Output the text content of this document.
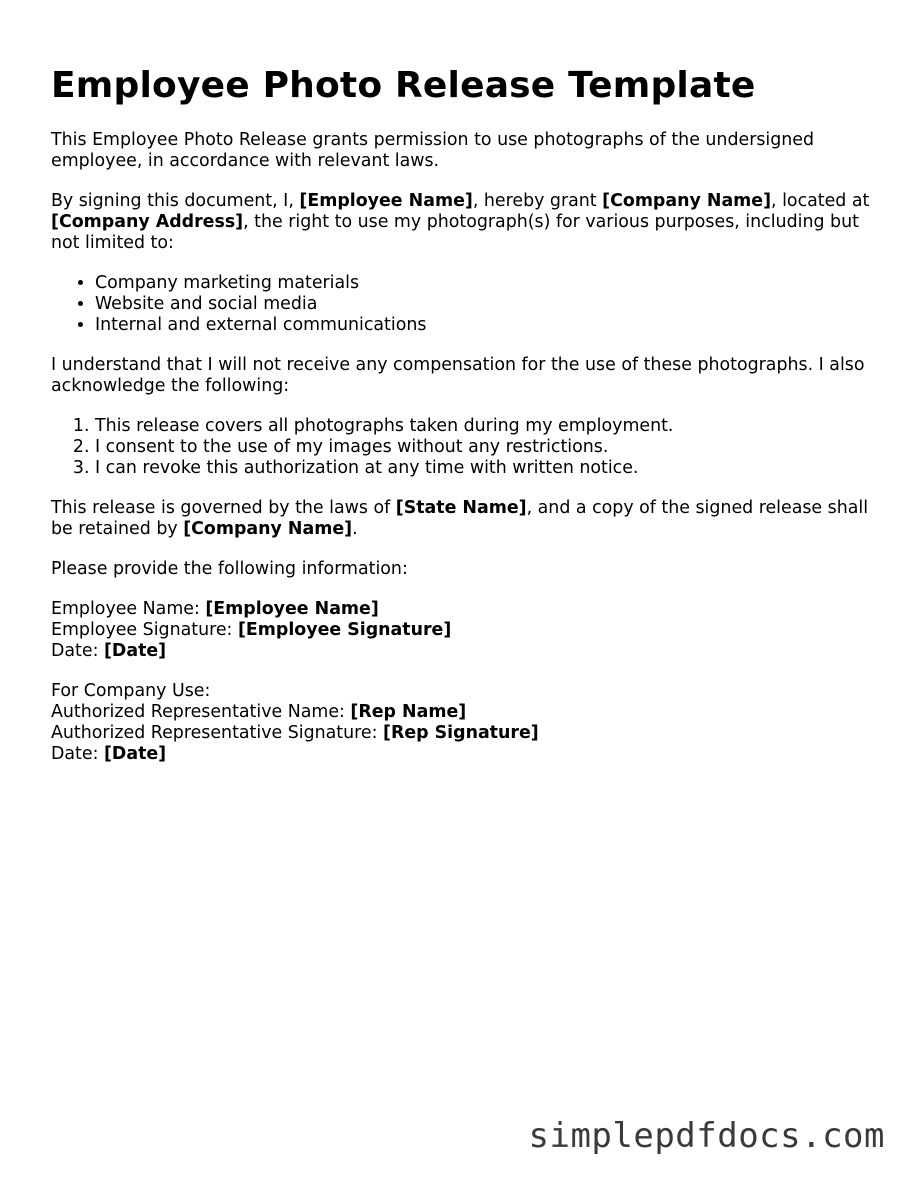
Employee Photo Release Template

This Employee Photo Release grants permission to use photographs of the undersigned employee, in accordance with relevant laws.

By signing this document, I, [Employee Name], hereby grant [Company Name], located at [Company Address], the right to use my photograph(s) for various purposes, including but not limited to:

• Company marketing materials
• Website and social media
• Internal and external communications

I understand that I will not receive any compensation for the use of these photographs. I also acknowledge the following:

1. This release covers all photographs taken during my employment.
2. I consent to the use of my images without any restrictions.
3. I can revoke this authorization at any time with written notice.

This release is governed by the laws of [State Name], and a copy of the signed release shall be retained by [Company Name].

Please provide the following information:

Employee Name: [Employee Name]
Employee Signature: [Employee Signature]
Date: [Date]
For Company Use:
Authorized Representative Name: [Rep Name]
Authorized Representative Signature: [Rep Signature]
Date: [Date]
simplepdfdocs.com
